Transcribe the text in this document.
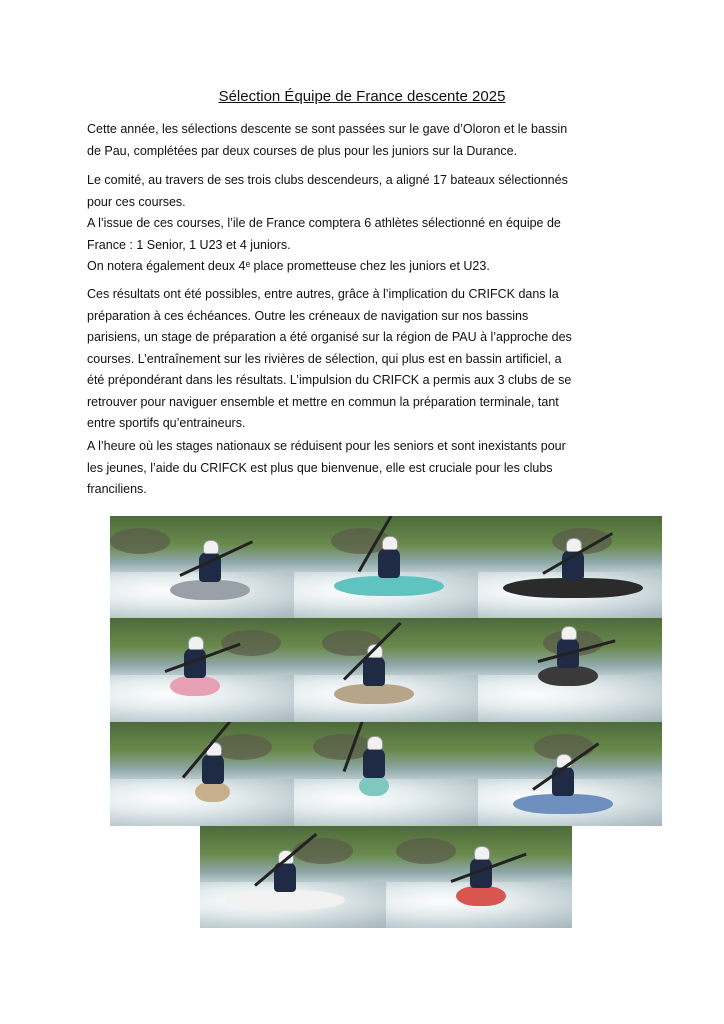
Sélection Équipe de France descente 2025

Cette année, les sélections descente se sont passées sur le gave d’Oloron et le bassin
de Pau, complétées par deux courses de plus pour les juniors sur la Durance.

Le comité, au travers de ses trois clubs descendeurs, a aligné 17 bateaux sélectionnés
pour ces courses.
A l’issue de ces courses, l’ile de France comptera 6 athlètes sélectionné en équipe de
France : 1 Senior, 1 U23 et 4 juniors.
On notera également deux 4ᵉ place prometteuse chez les juniors et U23.

Ces résultats ont été possibles, entre autres, grâce à l’implication du CRIFCK dans la
préparation à ces échéances. Outre les créneaux de navigation sur nos bassins
parisiens, un stage de préparation a été organisé sur la région de PAU à l’approche des
courses. L’entraînement sur les rivières de sélection, qui plus est en bassin artificiel, a
été prépondérant dans les résultats. L’impulsion du CRIFCK a permis aux 3 clubs de se
retrouver pour naviguer ensemble et mettre en commun la préparation terminale, tant
entre sportifs qu’entraineurs.

A l’heure où les stages nationaux se réduisent pour les seniors et sont inexistants pour
les jeunes, l’aide du CRIFCK est plus que bienvenue, elle est cruciale pour les clubs
franciliens.
